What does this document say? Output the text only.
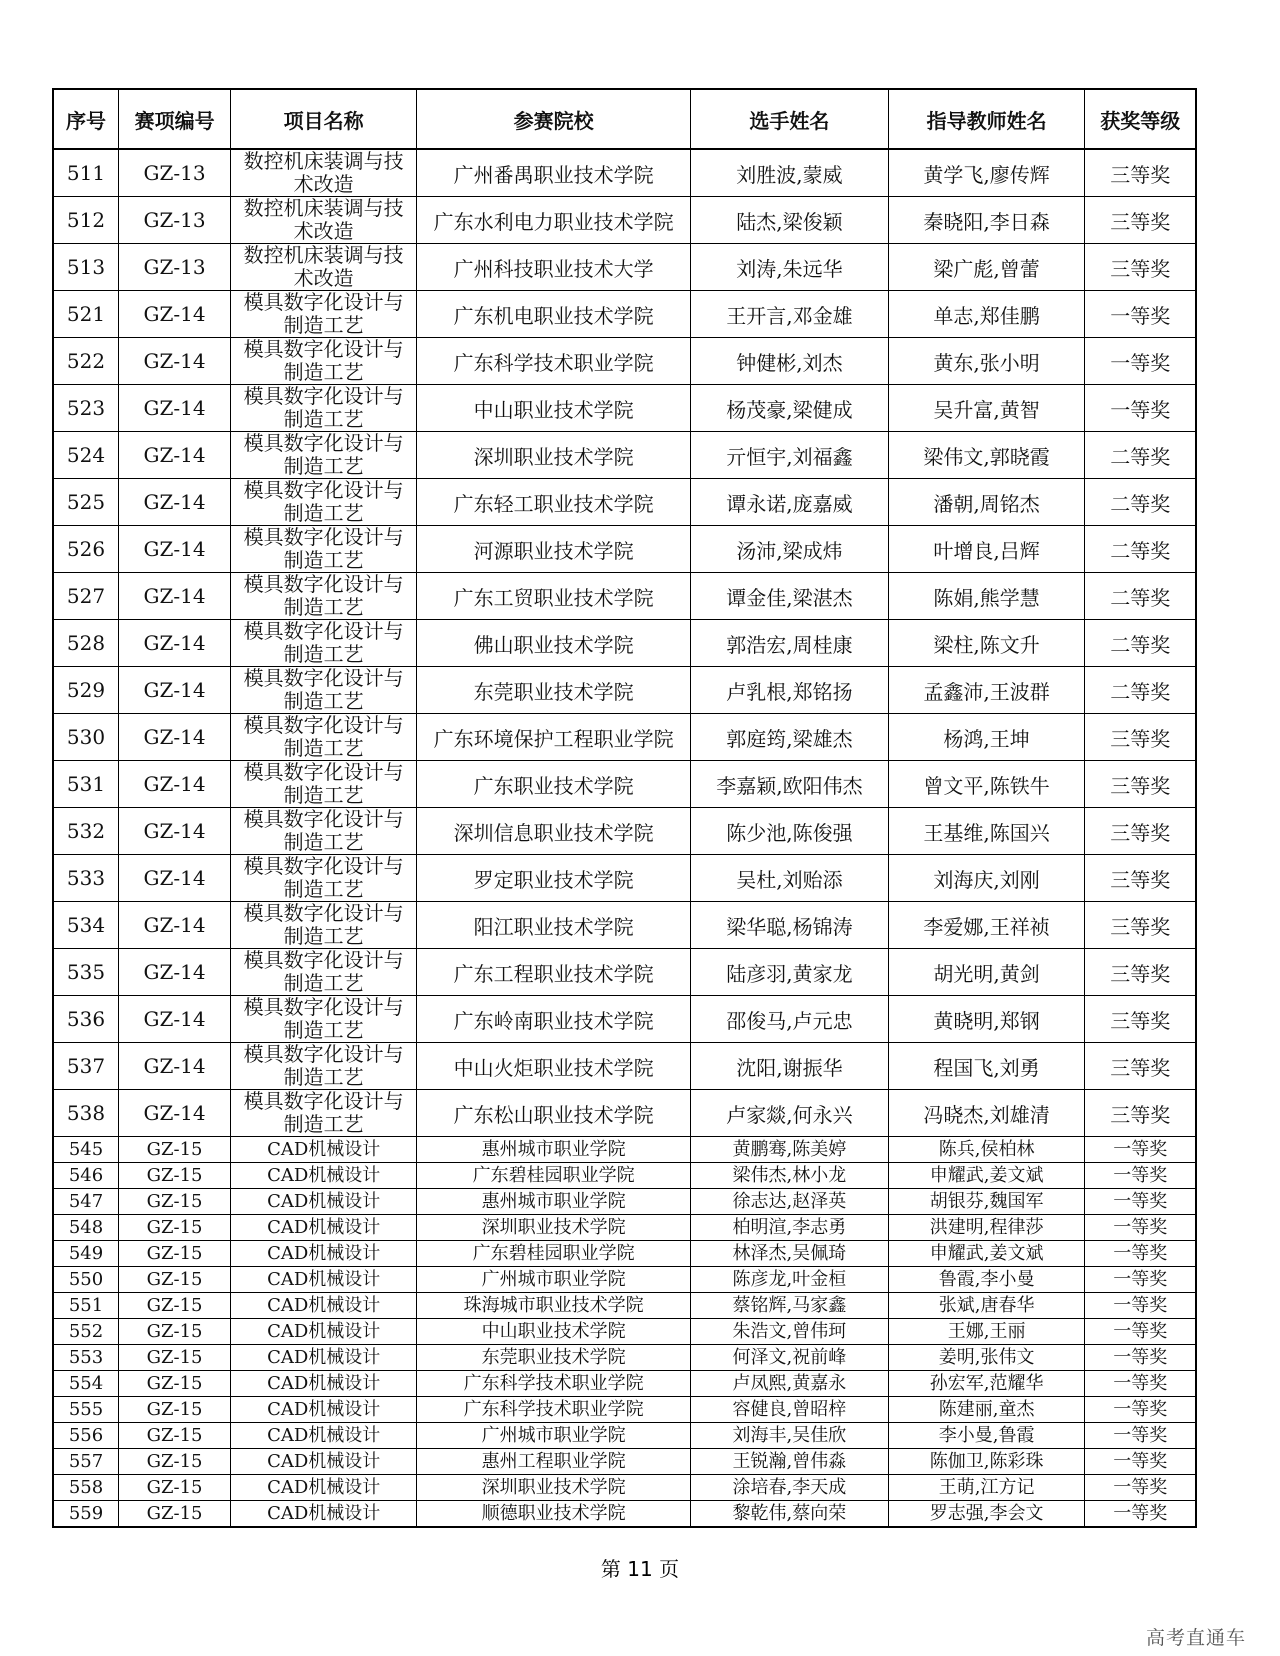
序号	赛项编号	项目名称	参赛院校	选手姓名	指导教师姓名	获奖等级
511	GZ-13	数控机床装调与技术改造	广州番禺职业技术学院	刘胜波,蒙威	黄学飞,廖传辉	三等奖
512	GZ-13	数控机床装调与技术改造	广东水利电力职业技术学院	陆杰,梁俊颖	秦晓阳,李日森	三等奖
513	GZ-13	数控机床装调与技术改造	广州科技职业技术大学	刘涛,朱远华	梁广彪,曾蕾	三等奖
521	GZ-14	模具数字化设计与制造工艺	广东机电职业技术学院	王开言,邓金雄	单志,郑佳鹏	一等奖
522	GZ-14	模具数字化设计与制造工艺	广东科学技术职业学院	钟健彬,刘杰	黄东,张小明	一等奖
523	GZ-14	模具数字化设计与制造工艺	中山职业技术学院	杨茂豪,梁健成	吴升富,黄智	一等奖
524	GZ-14	模具数字化设计与制造工艺	深圳职业技术学院	亓恒宇,刘福鑫	梁伟文,郭晓霞	二等奖
525	GZ-14	模具数字化设计与制造工艺	广东轻工职业技术学院	谭永诺,庞嘉威	潘朝,周铭杰	二等奖
526	GZ-14	模具数字化设计与制造工艺	河源职业技术学院	汤沛,梁成炜	叶增良,吕辉	二等奖
527	GZ-14	模具数字化设计与制造工艺	广东工贸职业技术学院	谭金佳,梁湛杰	陈娟,熊学慧	二等奖
528	GZ-14	模具数字化设计与制造工艺	佛山职业技术学院	郭浩宏,周桂康	梁柱,陈文升	二等奖
529	GZ-14	模具数字化设计与制造工艺	东莞职业技术学院	卢乳根,郑铭扬	孟鑫沛,王波群	二等奖
530	GZ-14	模具数字化设计与制造工艺	广东环境保护工程职业学院	郭庭筠,梁雄杰	杨鸿,王坤	三等奖
531	GZ-14	模具数字化设计与制造工艺	广东职业技术学院	李嘉颖,欧阳伟杰	曾文平,陈铁牛	三等奖
532	GZ-14	模具数字化设计与制造工艺	深圳信息职业技术学院	陈少池,陈俊强	王基维,陈国兴	三等奖
533	GZ-14	模具数字化设计与制造工艺	罗定职业技术学院	吴杜,刘贻添	刘海庆,刘刚	三等奖
534	GZ-14	模具数字化设计与制造工艺	阳江职业技术学院	梁华聪,杨锦涛	李爱娜,王祥祯	三等奖
535	GZ-14	模具数字化设计与制造工艺	广东工程职业技术学院	陆彦羽,黄家龙	胡光明,黄剑	三等奖
536	GZ-14	模具数字化设计与制造工艺	广东岭南职业技术学院	邵俊马,卢元忠	黄晓明,郑钢	三等奖
537	GZ-14	模具数字化设计与制造工艺	中山火炬职业技术学院	沈阳,谢振华	程国飞,刘勇	三等奖
538	GZ-14	模具数字化设计与制造工艺	广东松山职业技术学院	卢家燚,何永兴	冯晓杰,刘雄清	三等奖
545	GZ-15	CAD机械设计	惠州城市职业学院	黄鹏骞,陈美婷	陈兵,侯柏林	一等奖
546	GZ-15	CAD机械设计	广东碧桂园职业学院	梁伟杰,林小龙	申耀武,姜文斌	一等奖
547	GZ-15	CAD机械设计	惠州城市职业学院	徐志达,赵泽英	胡银芬,魏国军	一等奖
548	GZ-15	CAD机械设计	深圳职业技术学院	柏明渲,李志勇	洪建明,程律莎	一等奖
549	GZ-15	CAD机械设计	广东碧桂园职业学院	林泽杰,吴佩琦	申耀武,姜文斌	一等奖
550	GZ-15	CAD机械设计	广州城市职业学院	陈彦龙,叶金桓	鲁霞,李小曼	一等奖
551	GZ-15	CAD机械设计	珠海城市职业技术学院	蔡铭辉,马家鑫	张斌,唐春华	一等奖
552	GZ-15	CAD机械设计	中山职业技术学院	朱浩文,曾伟珂	王娜,王丽	一等奖
553	GZ-15	CAD机械设计	东莞职业技术学院	何泽文,祝前峰	姜明,张伟文	一等奖
554	GZ-15	CAD机械设计	广东科学技术职业学院	卢凤熙,黄嘉永	孙宏军,范耀华	一等奖
555	GZ-15	CAD机械设计	广东科学技术职业学院	容健良,曾昭梓	陈建丽,童杰	一等奖
556	GZ-15	CAD机械设计	广州城市职业学院	刘海丰,吴佳欣	李小曼,鲁霞	一等奖
557	GZ-15	CAD机械设计	惠州工程职业学院	王锐瀚,曾伟淼	陈伽卫,陈彩珠	一等奖
558	GZ-15	CAD机械设计	深圳职业技术学院	涂培春,李天成	王萌,江方记	一等奖
559	GZ-15	CAD机械设计	顺德职业技术学院	黎乾伟,蔡向荣	罗志强,李会文	一等奖
第 11 页
高考直通车
